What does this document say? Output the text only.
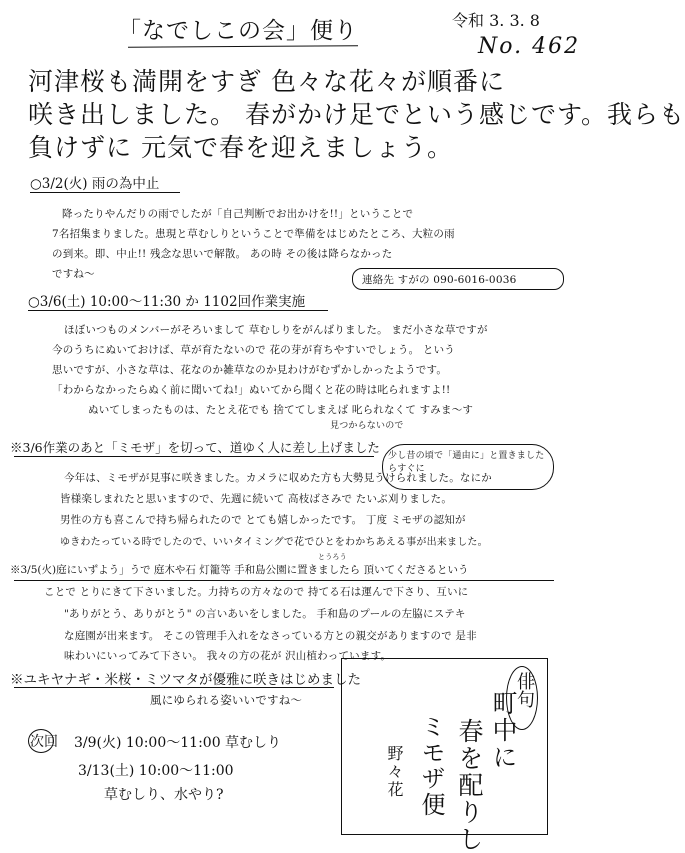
「なでしこの会」便り	令和 3. 3. 8
No. 462
河津桜も満開をすぎ 色々な花々が順番に
咲き出しました。 春がかけ足でという感じです。我らも
負けずに 元気で春を迎えましょう。
○3/2(火) 雨の為中止
降ったりやんだりの雨でしたが「自己判断でお出かけを!!」ということで
7名招集まりました。患現と草むしりということで準備をはじめたところ、大粒の雨
の到来。即、中止!! 残念な思いで解散。 あの時 その後は降らなかった
ですね〜	連絡先 すがの 090-6016-0036
○3/6(土) 10:00〜11:30 か 1102回作業実施
ほぼいつものメンバーがそろいまして 草むしりをがんばりました。 まだ小さな草ですが
今のうちにぬいておけば、草が育たないので 花の芽が育ちやすいでしょう。 という
思いですが、小さな草は、花なのか雑草なのか見わけがむずかしかったようです。
「わからなかったらぬく前に聞いてね!」ぬいてから聞くと花の時は叱られますよ!!
ぬいてしまったものは、たとえ花でも 捨ててしまえば 叱られなくて すみま〜す
見つからないので
※3/6作業のあと「ミモザ」を切って、道ゆく人に差し上げました
少し昔の頃で「通由に」と置きましたらすぐに
今年は、ミモザが見事に咲きました。カメラに収めた方も大勢見うけられました。なにか
皆様楽しまれたと思いますので、先週に続いて 高枝ばさみで たいぶ刈りました。
男性の方も喜こんで持ち帰られたので とても嬉しかったです。 丁度 ミモザの認知が
ゆきわたっている時でしたので、いいタイミングで花でひとをわかちあえる事が出来ました。
とうろう
※3/5(火)庭にいずよう」うで 庭木や石 灯籠等 手和島公園に置きましたら 頂いてくださるという
ことで とりにきて下さいました。力持ちの方々なので 持てる石は運んで下さり、互いに
"ありがとう、ありがとう" の言いあいをしました。 手和島のプールの左脇にステキ
な庭園が出来ます。 そこの管理手入れをなさっている方との親交がありますので 是非
味わいにいってみて下さい。 我々の方の花が 沢山植わっています。
※ユキヤナギ・米桜・ミツマタが優雅に咲きはじめました
風にゆられる姿いいですね〜
次回 3/9(火) 10:00〜11:00 草むしり
3/13(土) 10:00〜11:00
草むしり、水やり?
俳句
町中に
春を配りし
ミモザ便
野々花
